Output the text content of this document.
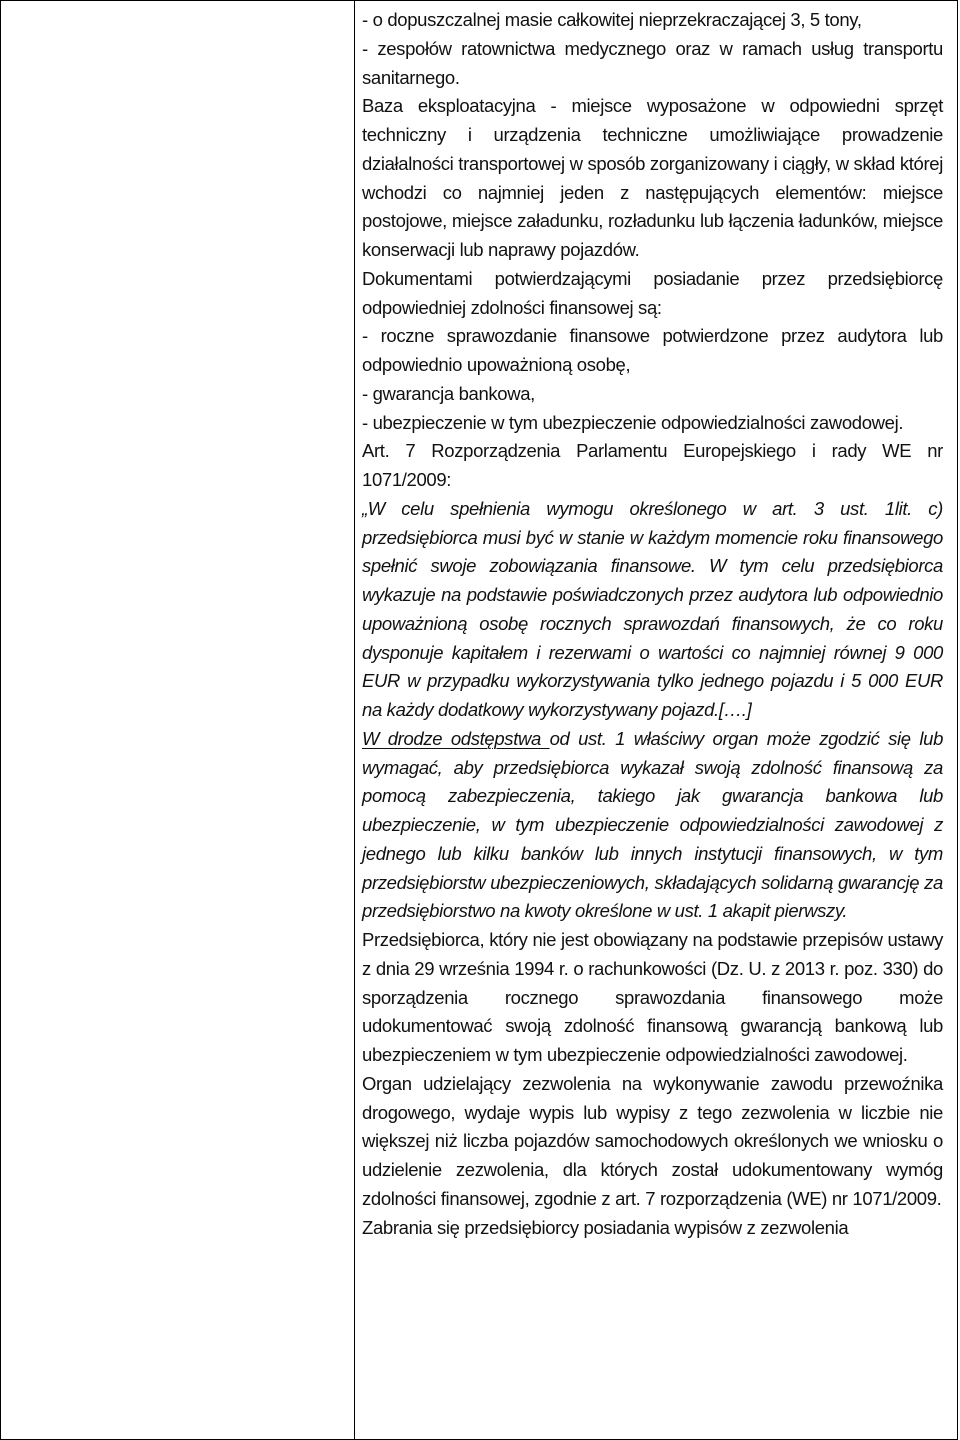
- o dopuszczalnej masie całkowitej nieprzekraczającej 3, 5 tony,

- zespołów ratownictwa medycznego oraz w ramach usług transportu sanitarnego.

Baza eksploatacyjna - miejsce wyposażone w odpowiedni sprzęt techniczny i urządzenia techniczne umożliwiające prowadzenie działalności transportowej w sposób zorganizowany i ciągły, w skład której wchodzi co najmniej jeden z następujących elementów: miejsce postojowe, miejsce załadunku, rozładunku lub łączenia ładunków, miejsce konserwacji lub naprawy pojazdów.

Dokumentami potwierdzającymi posiadanie przez przedsiębiorcę odpowiedniej zdolności finansowej są:

- roczne sprawozdanie finansowe potwierdzone przez audytora lub odpowiednio upoważnioną osobę,

- gwarancja bankowa,

- ubezpieczenie w tym ubezpieczenie odpowiedzialności zawodowej.

Art. 7 Rozporządzenia Parlamentu Europejskiego i rady WE nr 1071/2009:

„W celu spełnienia wymogu określonego w art. 3 ust. 1lit. c) przedsiębiorca musi być w stanie w każdym momencie roku finansowego spełnić swoje zobowiązania finansowe. W tym celu przedsiębiorca wykazuje na podstawie poświadczonych przez audytora lub odpowiednio upoważnioną osobę rocznych sprawozdań finansowych, że co roku dysponuje kapitałem i rezerwami o wartości co najmniej równej 9 000 EUR w przypadku wykorzystywania tylko jednego pojazdu i 5 000 EUR na każdy dodatkowy wykorzystywany pojazd.[….]

W drodze odstępstwa od ust. 1 właściwy organ może zgodzić się lub wymagać, aby przedsiębiorca wykazał swoją zdolność finansową za pomocą zabezpieczenia, takiego jak gwarancja bankowa lub ubezpieczenie, w tym ubezpieczenie odpowiedzialności zawodowej z jednego lub kilku banków lub innych instytucji finansowych, w tym przedsiębiorstw ubezpieczeniowych, składających solidarną gwarancję za przedsiębiorstwo na kwoty określone w ust. 1 akapit pierwszy.

Przedsiębiorca, który nie jest obowiązany na podstawie przepisów ustawy z dnia 29 września 1994 r. o rachunkowości (Dz. U. z 2013 r. poz. 330) do sporządzenia rocznego sprawozdania finansowego może udokumentować swoją zdolność finansową gwarancją bankową lub ubezpieczeniem w tym ubezpieczenie odpowiedzialności zawodowej.

Organ udzielający zezwolenia na wykonywanie zawodu przewoźnika drogowego, wydaje wypis lub wypisy z tego zezwolenia w liczbie nie większej niż liczba pojazdów samochodowych określonych we wniosku o udzielenie zezwolenia, dla których został udokumentowany wymóg zdolności finansowej, zgodnie z art. 7 rozporządzenia (WE) nr 1071/2009.

Zabrania się przedsiębiorcy posiadania wypisów z zezwolenia
